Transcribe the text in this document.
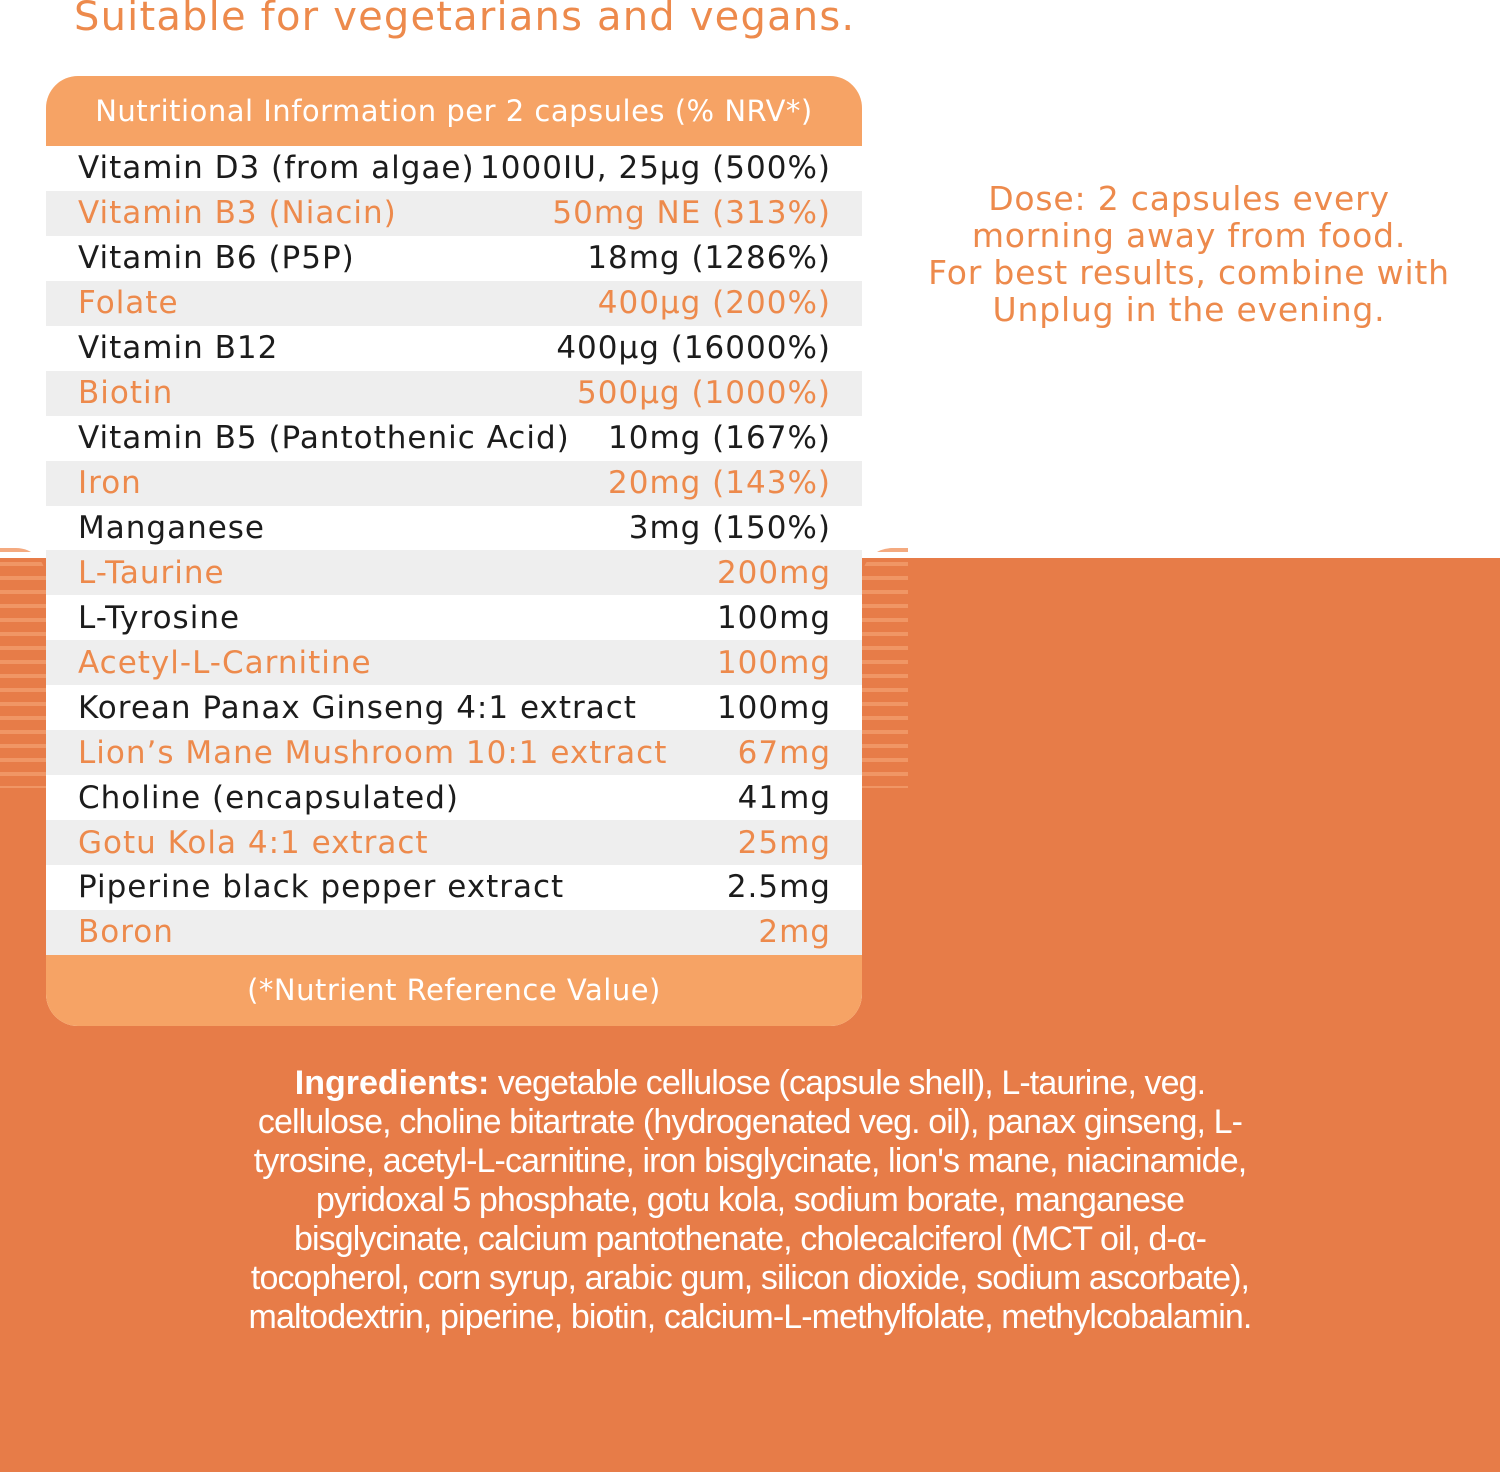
Suitable for vegetarians and vegans.
Nutritional Information per 2 capsules (% NRV*)
Vitamin D3 (from algae) 1000IU, 25µg (500%)
Vitamin B3 (Niacin)	50mg NE (313%)
Vitamin B6 (P5P)	18mg (1286%)
Folate	400µg (200%)
Vitamin B12	400µg (16000%)
Biotin	500µg (1000%)
Vitamin B5 (Pantothenic Acid) 10mg (167%)
Iron	20mg (143%)
Manganese	3mg (150%)
L-Taurine	200mg
L-Tyrosine	100mg
Acetyl-L-Carnitine	100mg
Korean Panax Ginseng 4:1 extract	100mg
Lion’s Mane Mushroom 10:1 extract 67mg
Choline (encapsulated)	41mg
Gotu Kola 4:1 extract	25mg
Piperine black pepper extract	2.5mg
Boron	2mg
(*Nutrient Reference Value)
Dose: 2 capsules every
morning away from food.
For best results, combine with
Unplug in the evening.
Ingredients: vegetable cellulose (capsule shell), L-taurine, veg. cellulose, choline bitartrate (hydrogenated veg. oil), panax ginseng, L-tyrosine, acetyl-L-carnitine, iron bisglycinate, lion's mane, niacinamide, pyridoxal 5 phosphate, gotu kola, sodium borate, manganese bisglycinate, calcium pantothenate, cholecalciferol (MCT oil, d-α-tocopherol, corn syrup, arabic gum, silicon dioxide, sodium ascorbate), maltodextrin, piperine, biotin, calcium-L-methylfolate, methylcobalamin.
